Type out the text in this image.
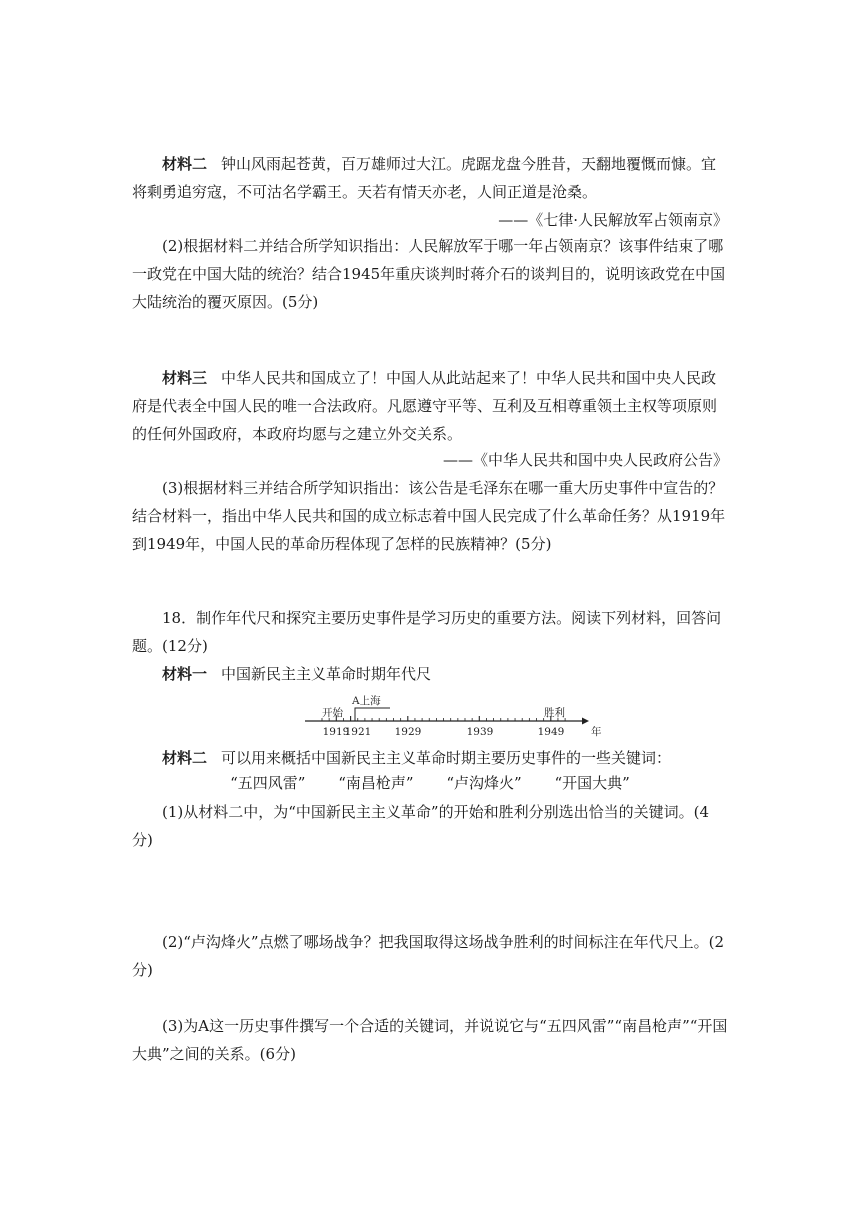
材料二 钟山风雨起苍黄，百万雄师过大江。虎踞龙盘今胜昔，天翻地覆慨而慷。宜将剩勇追穷寇，不可沽名学霸王。天若有情天亦老，人间正道是沧桑。

——《七律·人民解放军占领南京》

(2)根据材料二并结合所学知识指出：人民解放军于哪一年占领南京？该事件结束了哪一政党在中国大陆的统治？结合1945年重庆谈判时蒋介石的谈判目的，说明该政党在中国大陆统治的覆灭原因。(5分)

材料三 中华人民共和国成立了！中国人从此站起来了！中华人民共和国中央人民政府是代表全中国人民的唯一合法政府。凡愿遵守平等、互利及互相尊重领土主权等项原则的任何外国政府，本政府均愿与之建立外交关系。

——《中华人民共和国中央人民政府公告》

(3)根据材料三并结合所学知识指出：该公告是毛泽东在哪一重大历史事件中宣告的？结合材料一，指出中华人民共和国的成立标志着中国人民完成了什么革命任务？从1919年到1949年，中国人民的革命历程体现了怎样的民族精神？(5分)

18．制作年代尺和探究主要历史事件是学习历史的重要方法。阅读下列材料，回答问题。(12分)

材料一 中国新民主主义革命时期年代尺

开始
A上海
胜利
1919
1921 1929	1939	1949	年

材料二 可以用来概括中国新民主主义革命时期主要历史事件的一些关键词：

“五四风雷” “南昌枪声” “卢沟烽火” “开国大典”

(1)从材料二中，为“中国新民主主义革命”的开始和胜利分别选出恰当的关键词。(4分)

(2)“卢沟烽火”点燃了哪场战争？把我国取得这场战争胜利的时间标注在年代尺上。(2分)

(3)为A这一历史事件撰写一个合适的关键词，并说说它与“五四风雷”“南昌枪声”“开国大典”之间的关系。(6分)
